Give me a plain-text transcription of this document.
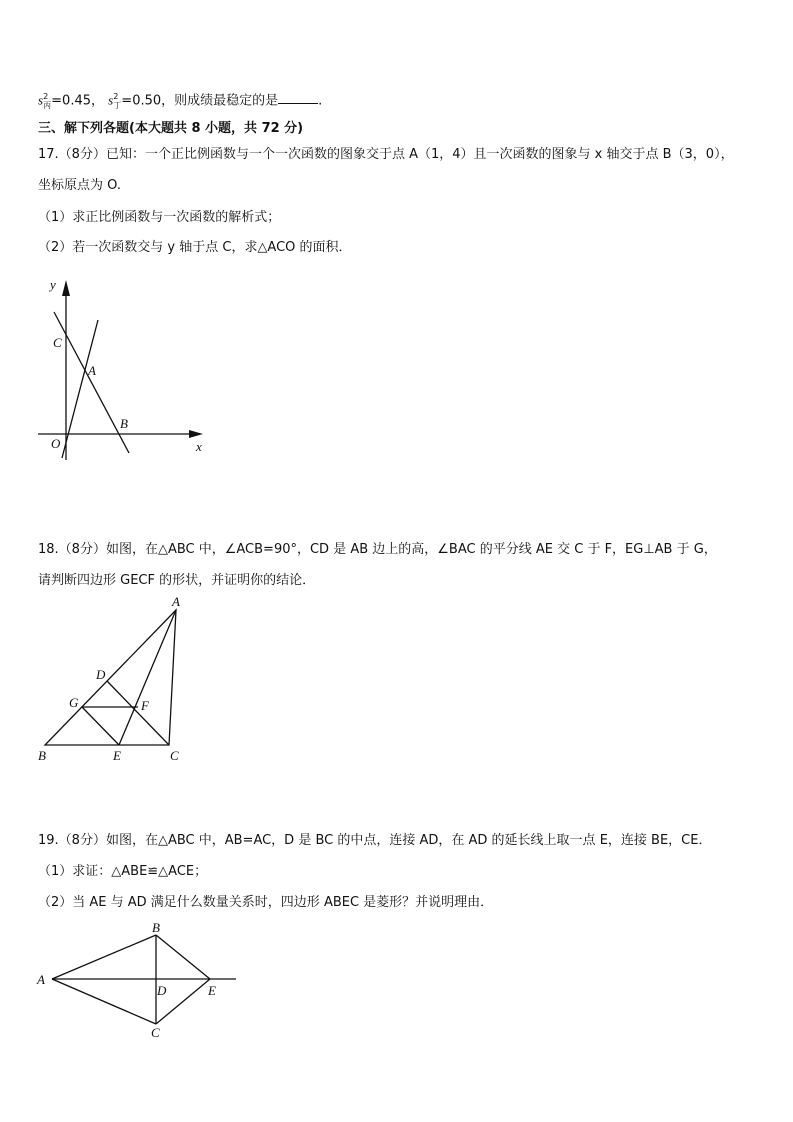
$s^2_丙=0.45$， $s^2_丁=0.50$，则成绩最稳定的是	.
三、解下列各题(本大题共 8 小题，共 72 分)
17.（8分）已知：一个正比例函数与一个一次函数的图象交于点 A（1，4）且一次函数的图象与 x 轴交于点 B（3，0），
坐标原点为 O.
（1）求正比例函数与一次函数的解析式；
（2）若一次函数交与 y 轴于点 C，求△ACO 的面积．
y
x
C
A
B
O
18.（8分）如图，在△ABC 中，∠ACB=90°，CD 是 AB 边上的高，∠BAC 的平分线 AE 交 C 于 F，EG⊥AB 于 G，
请判断四边形 GECF 的形状，并证明你的结论．
A
D
G	F
B	E	C
19.（8分）如图，在△ABC 中，AB=AC，D 是 BC 的中点，连接 AD，在 AD 的延长线上取一点 E，连接 BE，CE．
（1）求证：△ABE≌△ACE；
（2）当 AE 与 AD 满足什么数量关系时，四边形 ABEC 是菱形？并说明理由．
A
B
D	E
C
